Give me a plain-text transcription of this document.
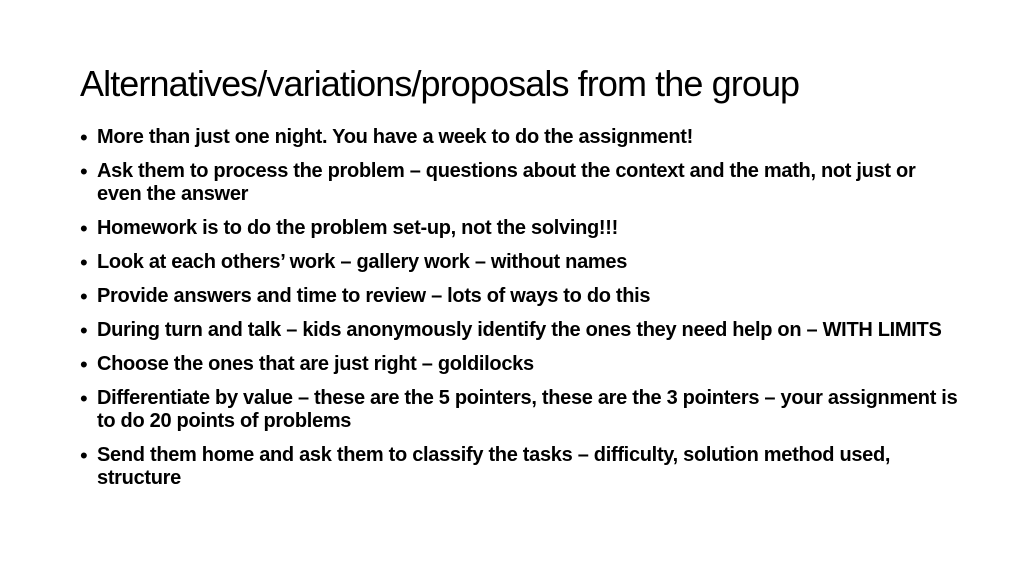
Alternatives/variations/proposals from the group
• More than just one night. You have a week to do the assignment!
• Ask them to process the problem – questions about the context and the math, not just or even the answer
• Homework is to do the problem set-up, not the solving!!!
• Look at each others’ work – gallery work – without names
• Provide answers and time to review – lots of ways to do this
• During turn and talk – kids anonymously identify the ones they need help on – WITH LIMITS
• Choose the ones that are just right – goldilocks
• Differentiate by value – these are the 5 pointers, these are the 3 pointers – your assignment is to do 20 points of problems
• Send them home and ask them to classify the tasks – difficulty, solution method used, structure
